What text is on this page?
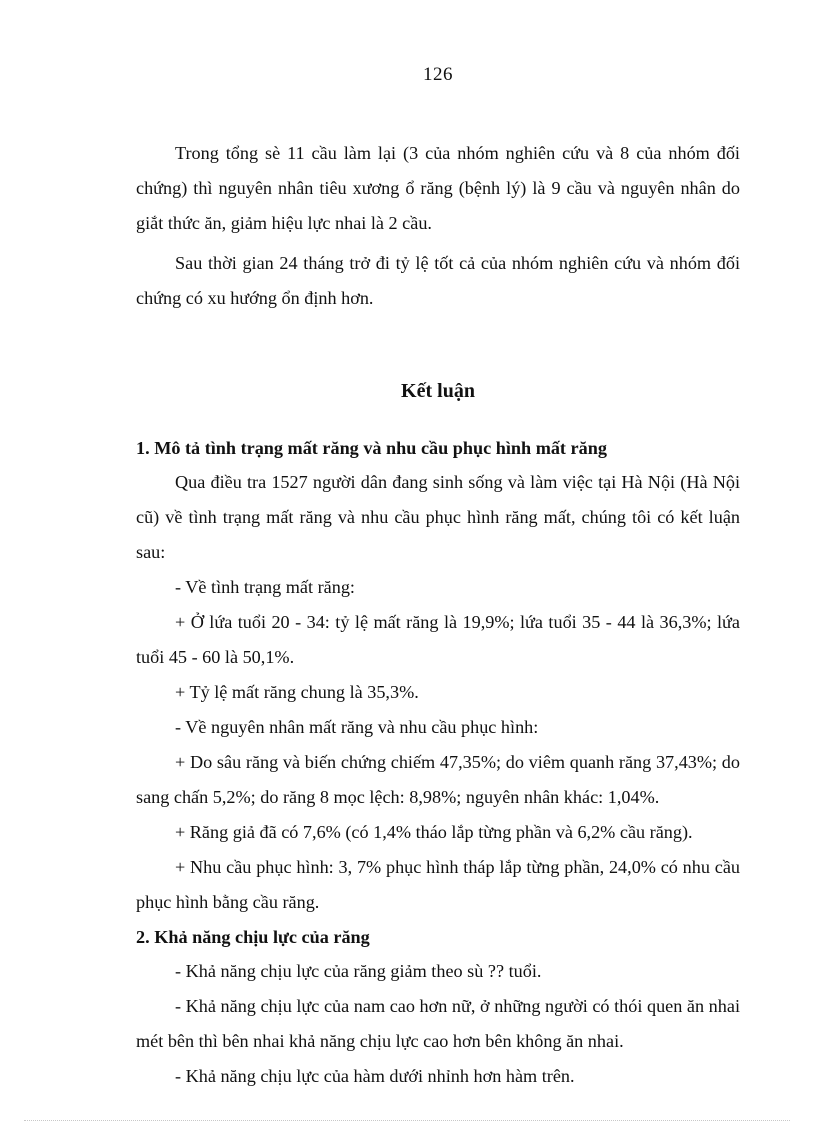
126

Trong tổng sè 11 cầu làm lại (3 của nhóm nghiên cứu và 8 của nhóm đối chứng) thì nguyên nhân tiêu xương ổ răng (bệnh lý) là 9 cầu và nguyên nhân do giắt thức ăn, giảm hiệu lực nhai là 2 cầu.

Sau thời gian 24 tháng trở đi tỷ lệ tốt cả của nhóm nghiên cứu và nhóm đối chứng có xu hướng ổn định hơn.

Kết luận
1. Mô tả tình trạng mất răng và nhu cầu phục hình mất răng

Qua điều tra 1527 người dân đang sinh sống và làm việc tại Hà Nội (Hà Nội cũ) về tình trạng mất răng và nhu cầu phục hình răng mất, chúng tôi có kết luận sau:

- Về tình trạng mất răng:

+ Ở lứa tuổi 20 - 34: tỷ lệ mất răng là 19,9%; lứa tuổi 35 - 44 là 36,3%; lứa tuổi 45 - 60 là 50,1%.

+ Tỷ lệ mất răng chung là 35,3%.

- Về nguyên nhân mất răng và nhu cầu phục hình:

+ Do sâu răng và biến chứng chiếm 47,35%; do viêm quanh răng 37,43%; do sang chấn 5,2%; do răng 8 mọc lệch: 8,98%; nguyên nhân khác: 1,04%.

+ Răng giả đã có 7,6% (có 1,4% tháo lắp từng phần và 6,2% cầu răng).

+ Nhu cầu phục hình: 3, 7% phục hình tháp lắp từng phần, 24,0% có nhu cầu phục hình bằng cầu răng.

2. Khả năng chịu lực của răng

- Khả năng chịu lực của răng giảm theo sù ?? tuổi.

- Khả năng chịu lực của nam cao hơn nữ, ở những người có thói quen ăn nhai mét bên thì bên nhai khả năng chịu lực cao hơn bên không ăn nhai.

- Khả năng chịu lực của hàm dưới nhỉnh hơn hàm trên.
